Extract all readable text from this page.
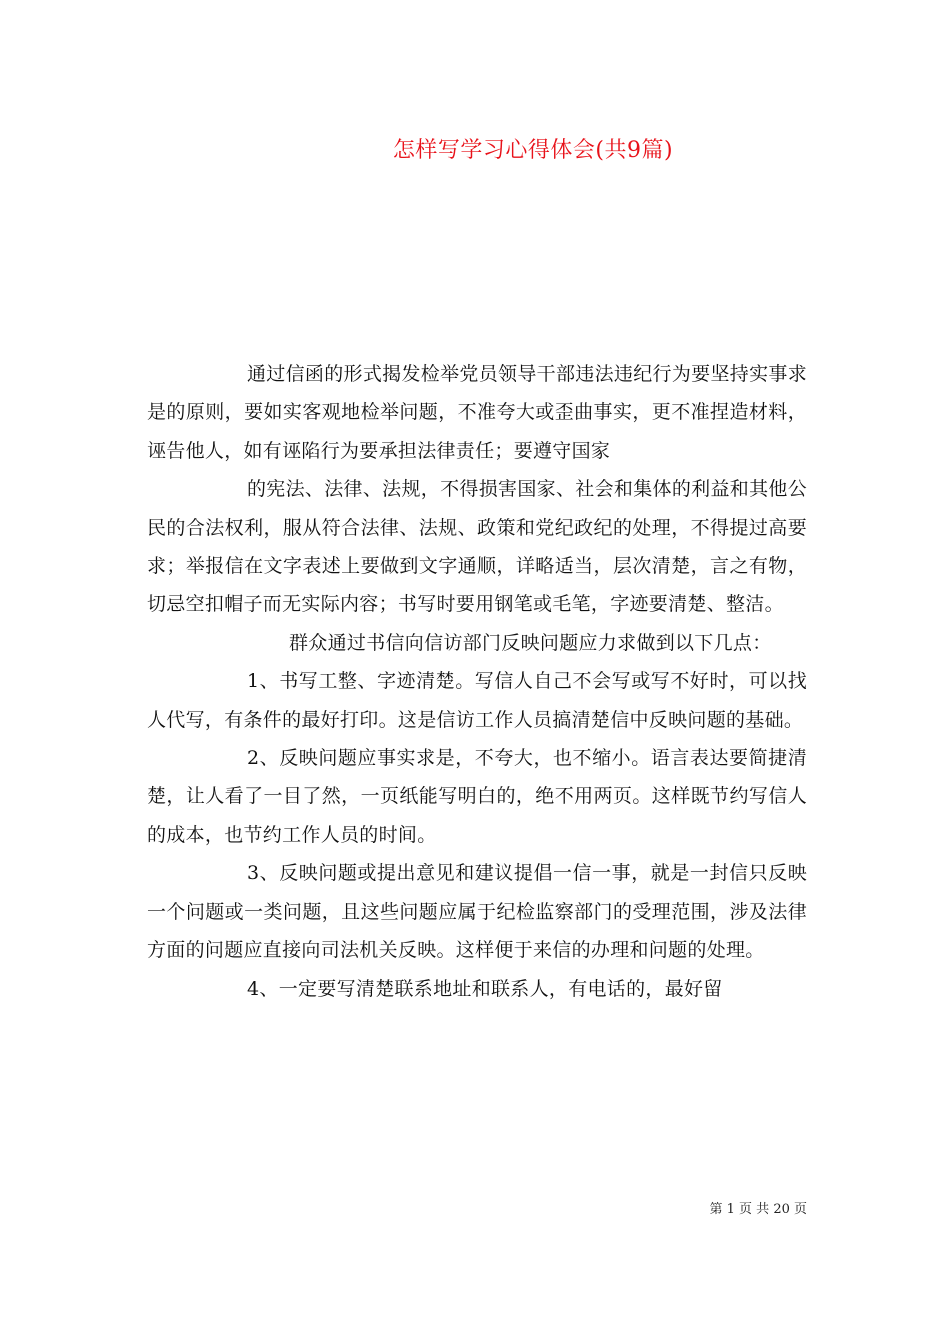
怎样写学习心得体会(共9篇)

通过信函的形式揭发检举党员领导干部违法违纪行为要坚持实事求是的原则，要如实客观地检举问题，不准夸大或歪曲事实，更不准捏造材料，诬告他人，如有诬陷行为要承担法律责任；要遵守国家

的宪法、法律、法规，不得损害国家、社会和集体的利益和其他公民的合法权利，服从符合法律、法规、政策和党纪政纪的处理，不得提过高要求；举报信在文字表述上要做到文字通顺，详略适当，层次清楚，言之有物，切忌空扣帽子而无实际内容；书写时要用钢笔或毛笔，字迹要清楚、整洁。

群众通过书信向信访部门反映问题应力求做到以下几点：

1、书写工整、字迹清楚。写信人自己不会写或写不好时，可以找人代写，有条件的最好打印。这是信访工作人员搞清楚信中反映问题的基础。

2、反映问题应事实求是，不夸大，也不缩小。语言表达要简捷清楚，让人看了一目了然，一页纸能写明白的，绝不用两页。这样既节约写信人的成本，也节约工作人员的时间。

3、反映问题或提出意见和建议提倡一信一事，就是一封信只反映一个问题或一类问题，且这些问题应属于纪检监察部门的受理范围，涉及法律方面的问题应直接向司法机关反映。这样便于来信的办理和问题的处理。

4、一定要写清楚联系地址和联系人，有电话的，最好留

第 1 页 共 20 页
